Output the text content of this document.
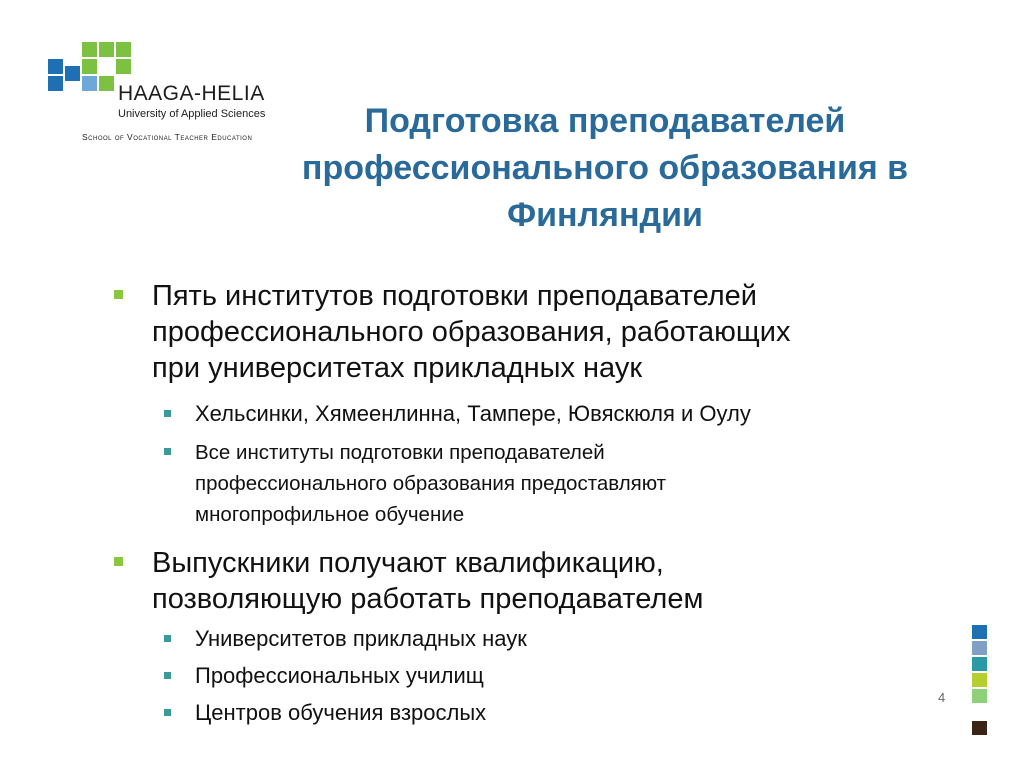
HAAGA-HELIA
University of Applied Sciences
School of Vocational Teacher Education	Подготовка преподавателей
профессионального образования в
Финляндии
Пять институтов подготовки преподавателей
профессионального образования, работающих
при университетах прикладных наук
Хельсинки, Хямеенлинна, Тампере, Ювяскюля и Оулу
Все институты подготовки преподавателей
профессионального образования предоставляют
многопрофильное обучение
Выпускники получают квалификацию,
позволяющую работать преподавателем
Университетов прикладных наук
Профессиональных училищ
Центров обучения взрослых
4
